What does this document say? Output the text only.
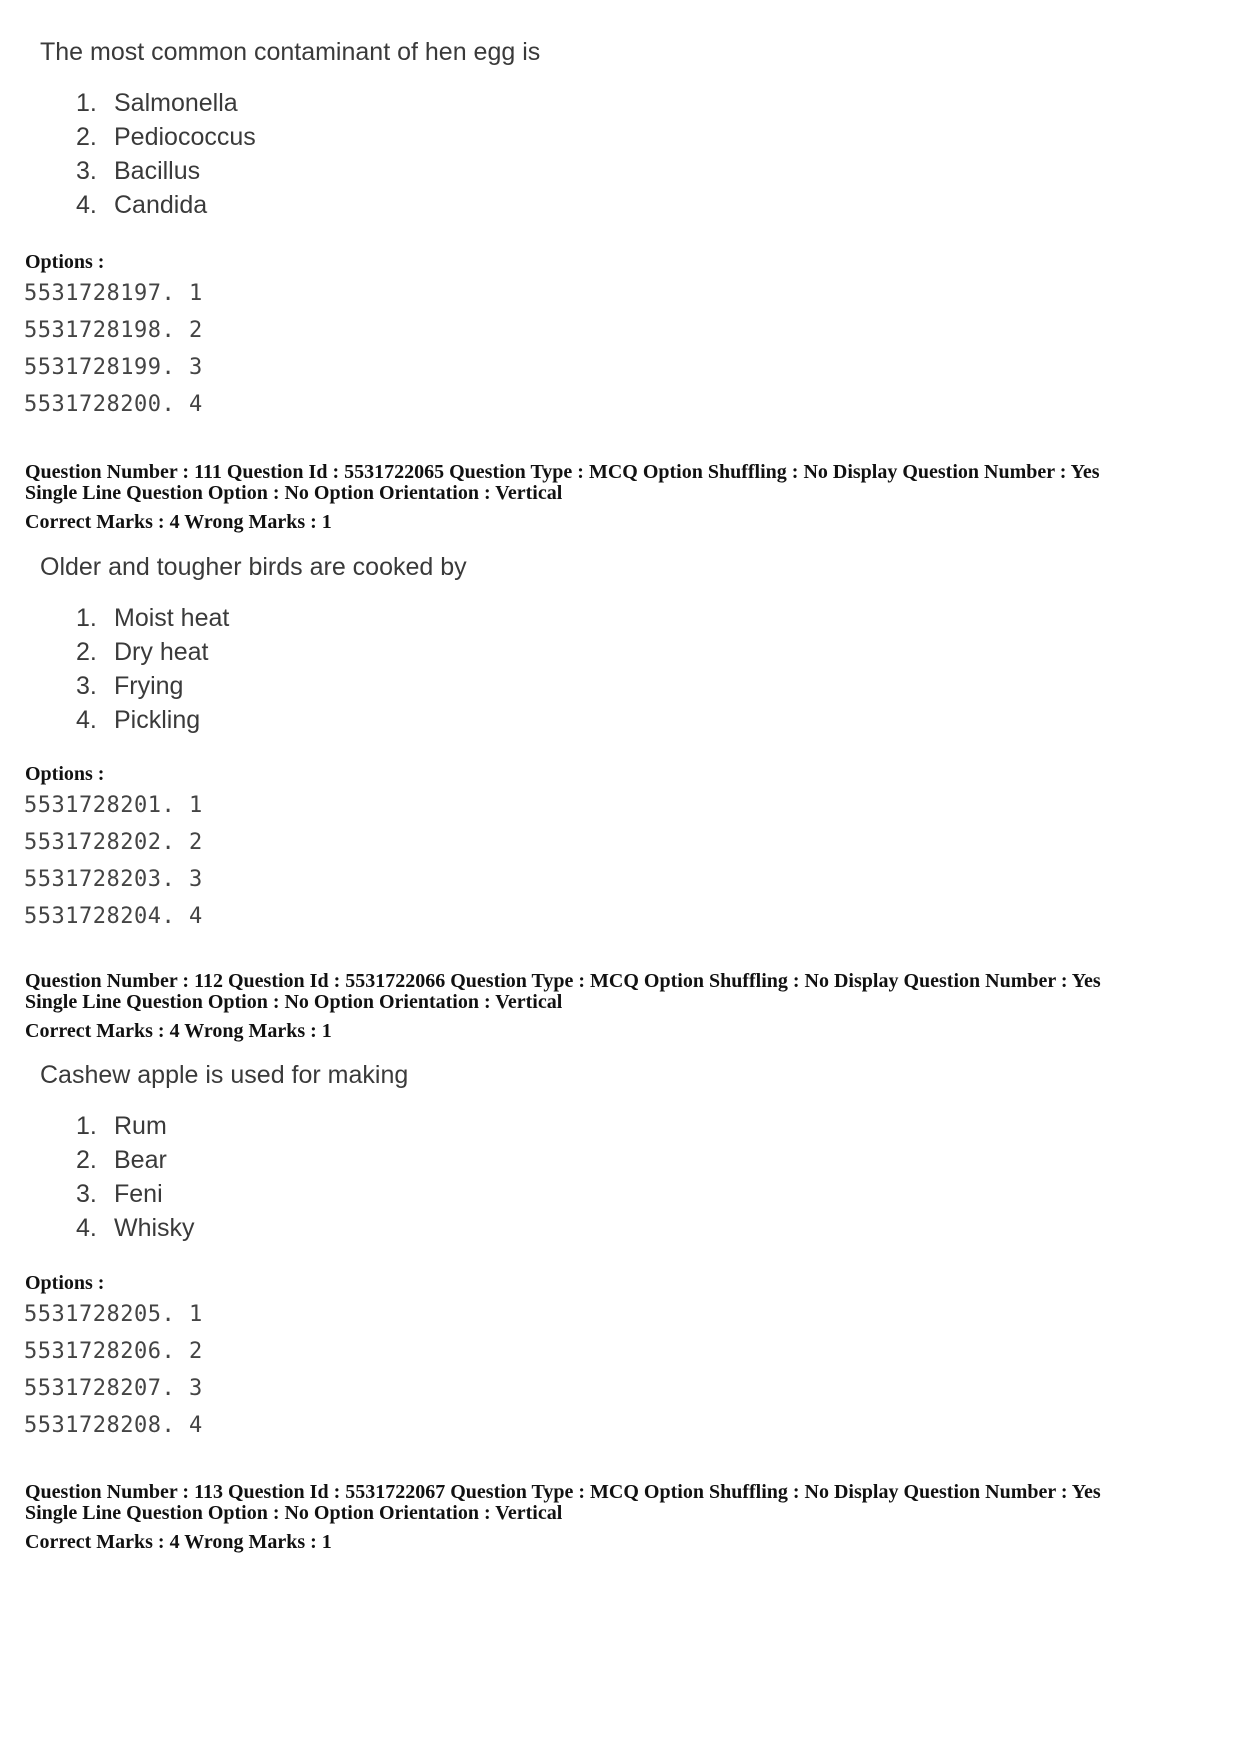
The most common contaminant of hen egg is
1. Salmonella
2. Pediococcus
3. Bacillus
4. Candida
Options :
5531728197. 1
5531728198. 2
5531728199. 3
5531728200. 4
Question Number : 111 Question Id : 5531722065 Question Type : MCQ Option Shuffling : No Display Question Number : Yes
Single Line Question Option : No Option Orientation : Vertical
Correct Marks : 4 Wrong Marks : 1
Older and tougher birds are cooked by
1. Moist heat
2. Dry heat
3. Frying
4. Pickling
Options :
5531728201. 1
5531728202. 2
5531728203. 3
5531728204. 4
Question Number : 112 Question Id : 5531722066 Question Type : MCQ Option Shuffling : No Display Question Number : Yes
Single Line Question Option : No Option Orientation : Vertical
Correct Marks : 4 Wrong Marks : 1
Cashew apple is used for making
1. Rum
2. Bear
3. Feni
4. Whisky
Options :
5531728205. 1
5531728206. 2
5531728207. 3
5531728208. 4
Question Number : 113 Question Id : 5531722067 Question Type : MCQ Option Shuffling : No Display Question Number : Yes
Single Line Question Option : No Option Orientation : Vertical
Correct Marks : 4 Wrong Marks : 1
